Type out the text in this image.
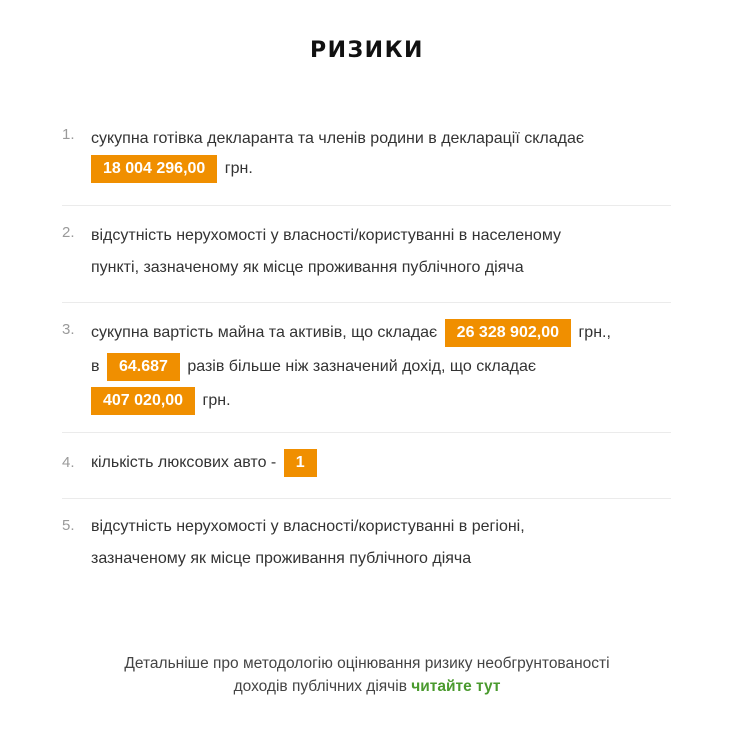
РИЗИКИ
1. сукупна готівка декларанта та членів родини в декларації складає
18 004 296,00 грн.
2. відсутність нерухомості у власності/користуванні в населеному
пункті, зазначеному як місце проживання публічного діяча
3. сукупна вартість майна та активів, що складає 26 328 902,00 грн.,
в 64.687 разів більше ніж зазначений дохід, що складає
407 020,00 грн.
4. кількість люксових авто - 1
5. відсутність нерухомості у власності/користуванні в регіоні,
зазначеному як місце проживання публічного діяча
Детальніше про методологію оцінювання ризику необгрунтованості
доходів публічних діячів читайте тут
